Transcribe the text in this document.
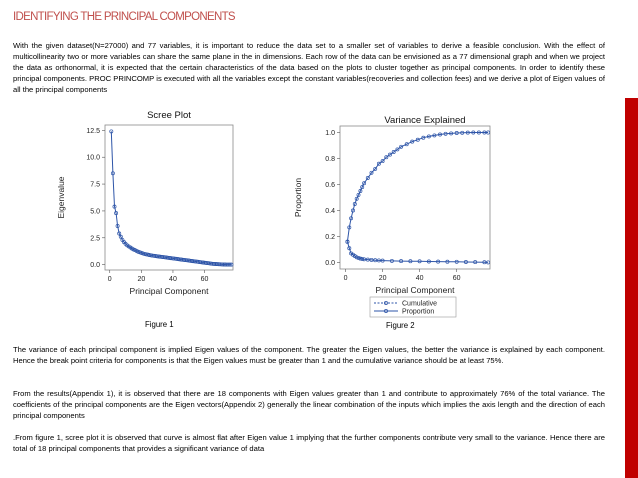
IDENTIFYING THE PRINCIPAL COMPONENTS
With the given dataset(N=27000) and 77 variables, it is important to reduce the data set to a smaller set of variables to derive a feasible conclusion. With the effect of multicollinearity two or more variables can share the same plane in the in dimensions. Each row of the data can be envisioned as a 77 dimensional graph and when we project the data as orthonormal, it is expected that the certain characteristics of the data based on the plots to cluster together as principal components. In order to identify these principal components. PROC PRINCOMP is executed with all the variables except the constant variables(recoveries and collection fees) and we derive a plot of Eigen values of all the principal components
Scree Plot
0.0
2.5
5.0
7.5
10.0
12.5
0	20	40	60
Principal Component
Eigenvalue
Variance Explained
0.0
0.2
0.4
0.6
0.8
1.0
0	20	40	60
Principal Component
Proportion
Cumulative
Proportion
Figure 1	Figure 2
The variance of each principal component is implied Eigen values of the component. The greater the Eigen values, the better the variance is explained by each component. Hence the break point criteria for components is that the Eigen values must be greater than 1 and the cumulative variance should be at least 75%.
From the results(Appendix 1), it is observed that there are 18 components with Eigen values greater than 1 and contribute to approximately 76% of the total variance. The coefficients of the principal components are the Eigen vectors(Appendix 2) generally the linear combination of the inputs which implies the axis length and the direction of each principal components
.From figure 1, scree plot it is observed that curve is almost flat after Eigen value 1 implying that the further components contribute very small to the variance. Hence there are total of 18 principal components that provides a significant variance of data
